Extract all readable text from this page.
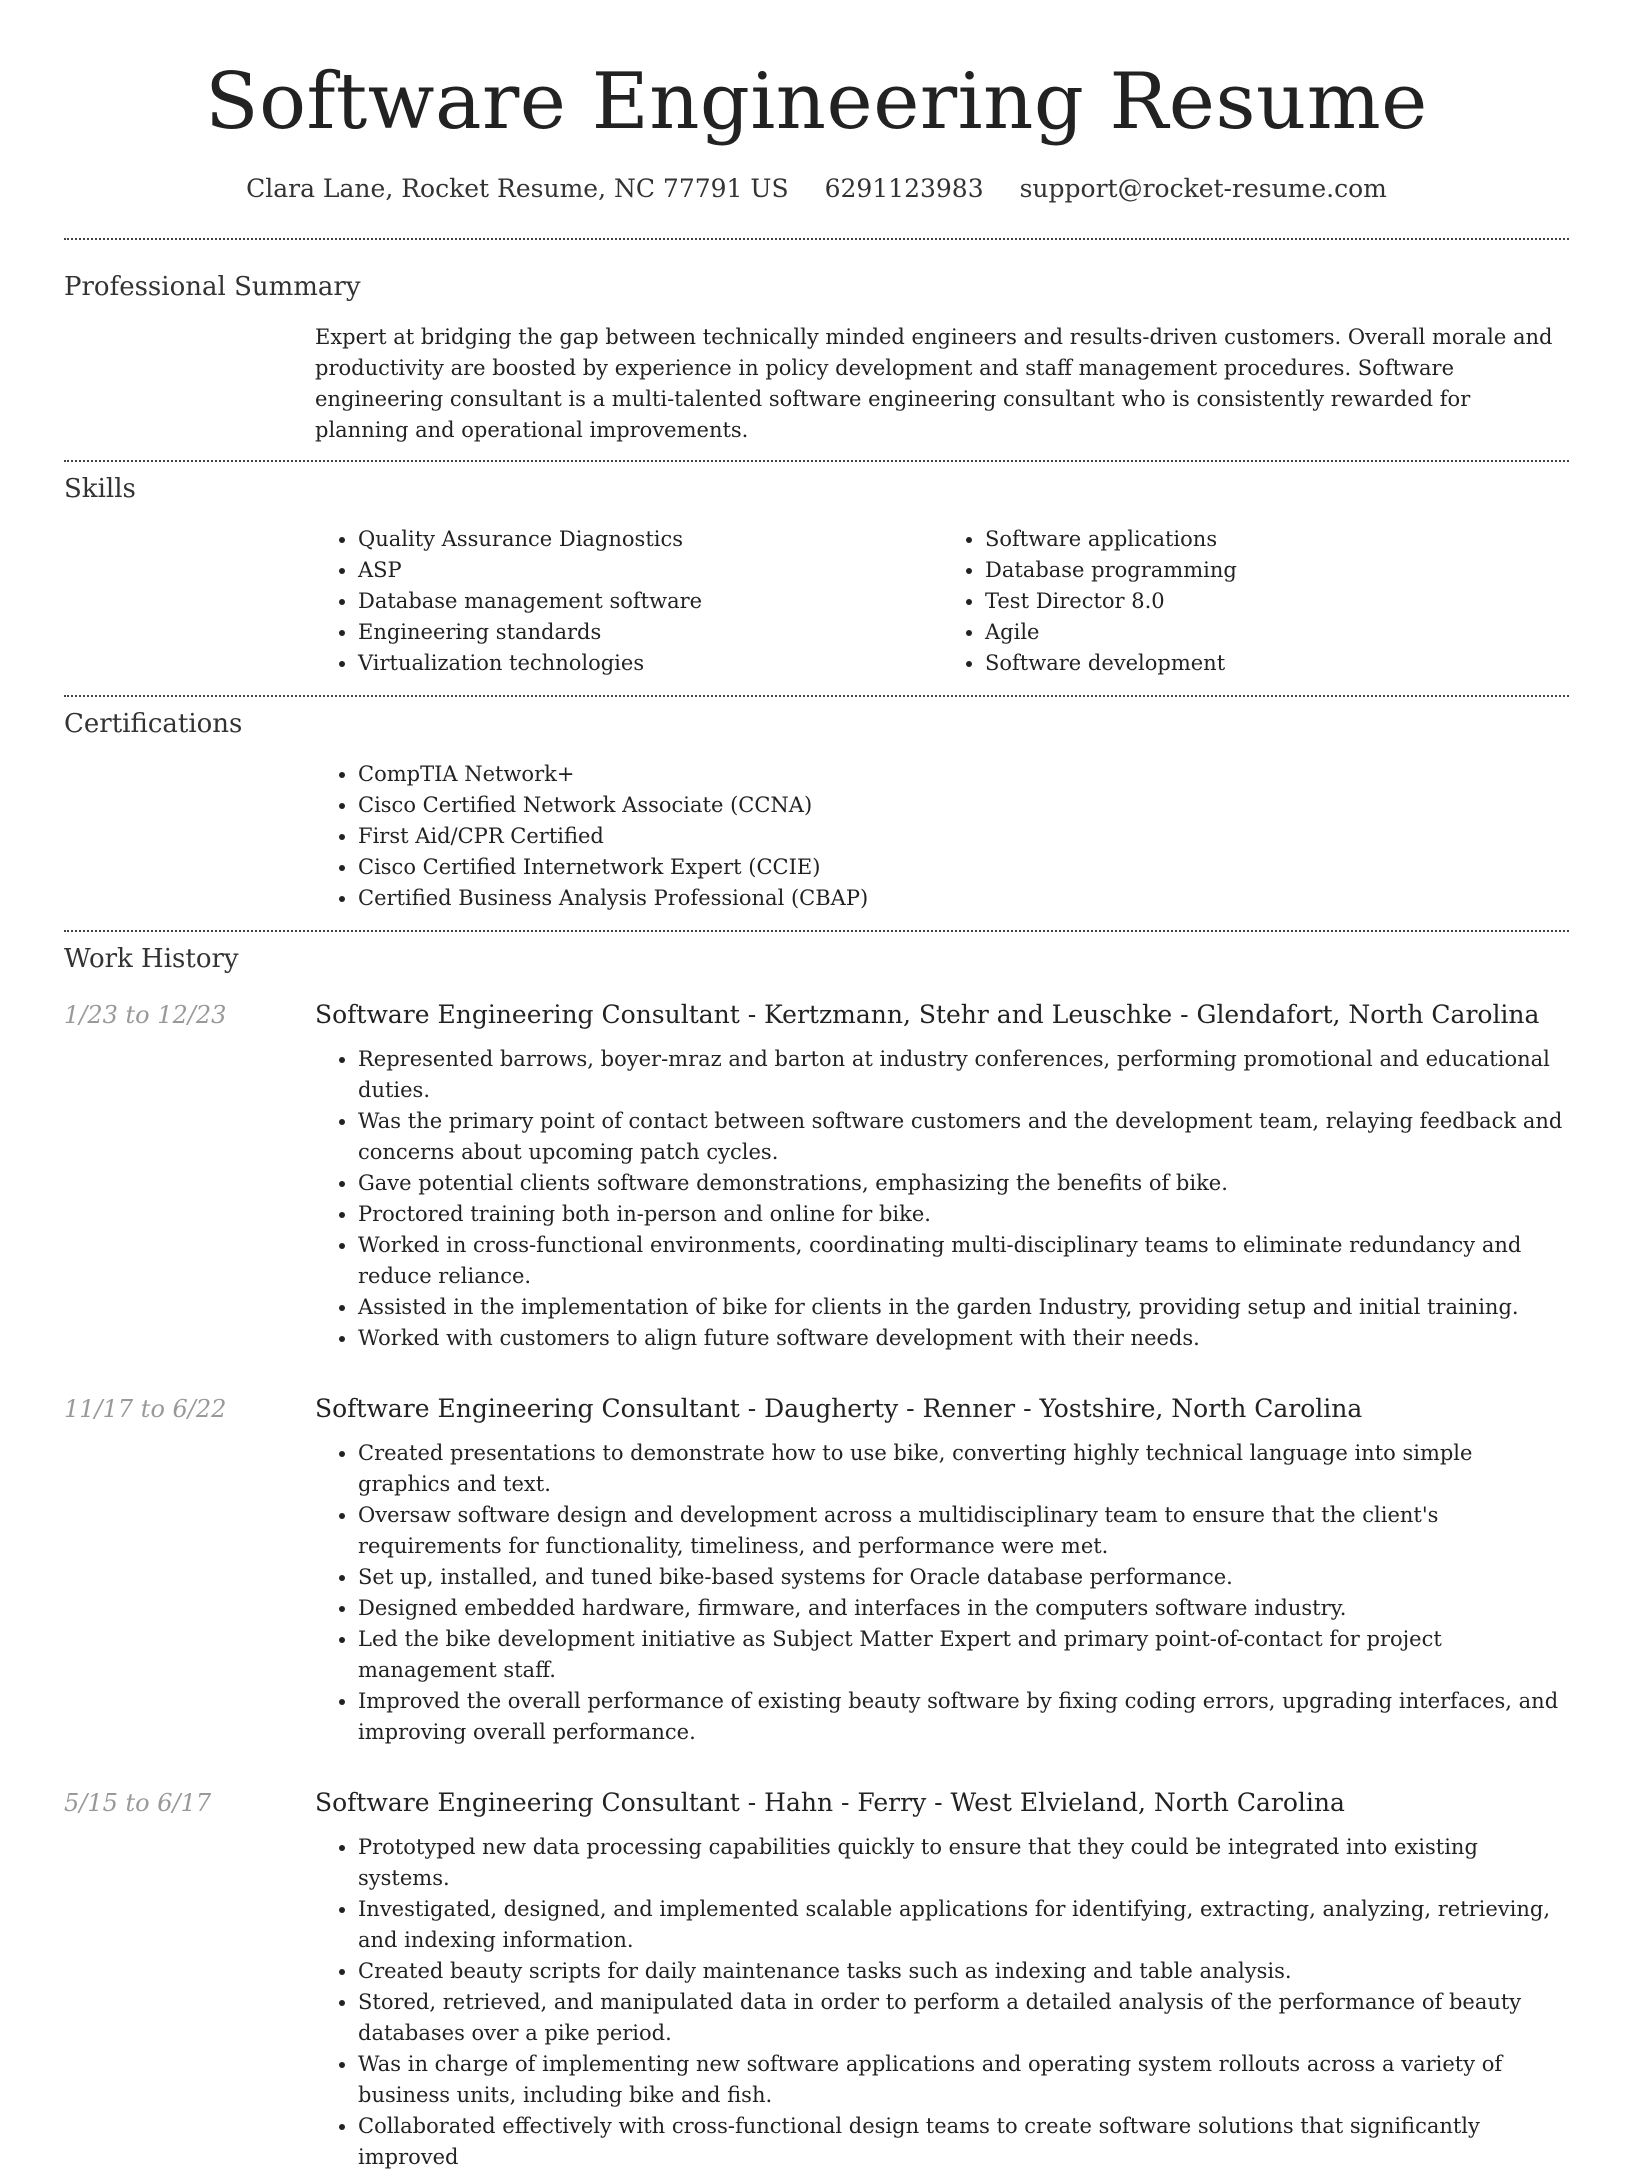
Software Engineering Resume
Clara Lane, Rocket Resume, NC 77791 US 6291123983 support@rocket-resume.com
Professional Summary

Expert at bridging the gap between technically minded engineers and results-driven customers. Overall morale and productivity are boosted by experience in policy development and staff management procedures. Software engineering consultant is a multi-talented software engineering consultant who is consistently rewarded for planning and operational improvements.

Skills
• Quality Assurance Diagnostics
• ASP
• Database management software
• Engineering standards
• Virtualization technologies
• Software applications
• Database programming
• Test Director 8.0
• Agile
• Software development
Certifications
• CompTIA Network+
• Cisco Certified Network Associate (CCNA)
• First Aid/CPR Certified
• Cisco Certified Internetwork Expert (CCIE)
• Certified Business Analysis Professional (CBAP)
Work History
1/23 to 12/23	Software Engineering Consultant - Kertzmann, Stehr and Leuschke - Glendafort, North Carolina
• Represented barrows, boyer-mraz and barton at industry conferences, performing promotional and educational duties.
• Was the primary point of contact between software customers and the development team, relaying feedback and concerns about upcoming patch cycles.
• Gave potential clients software demonstrations, emphasizing the benefits of bike.
• Proctored training both in-person and online for bike.
• Worked in cross-functional environments, coordinating multi-disciplinary teams to eliminate redundancy and reduce reliance.
• Assisted in the implementation of bike for clients in the garden Industry, providing setup and initial training.
• Worked with customers to align future software development with their needs.
11/17 to 6/22	Software Engineering Consultant - Daugherty - Renner - Yostshire, North Carolina
• Created presentations to demonstrate how to use bike, converting highly technical language into simple graphics and text.
• Oversaw software design and development across a multidisciplinary team to ensure that the client's requirements for functionality, timeliness, and performance were met.
• Set up, installed, and tuned bike-based systems for Oracle database performance.
• Designed embedded hardware, firmware, and interfaces in the computers software industry.
• Led the bike development initiative as Subject Matter Expert and primary point-of-contact for project management staff.
• Improved the overall performance of existing beauty software by fixing coding errors, upgrading interfaces, and improving overall performance.
5/15 to 6/17	Software Engineering Consultant - Hahn - Ferry - West Elvieland, North Carolina
• Prototyped new data processing capabilities quickly to ensure that they could be integrated into existing systems.
• Investigated, designed, and implemented scalable applications for identifying, extracting, analyzing, retrieving, and indexing information.
• Created beauty scripts for daily maintenance tasks such as indexing and table analysis.
• Stored, retrieved, and manipulated data in order to perform a detailed analysis of the performance of beauty databases over a pike period.
• Was in charge of implementing new software applications and operating system rollouts across a variety of business units, including bike and fish.
• Collaborated effectively with cross-functional design teams to create software solutions that significantly improved
